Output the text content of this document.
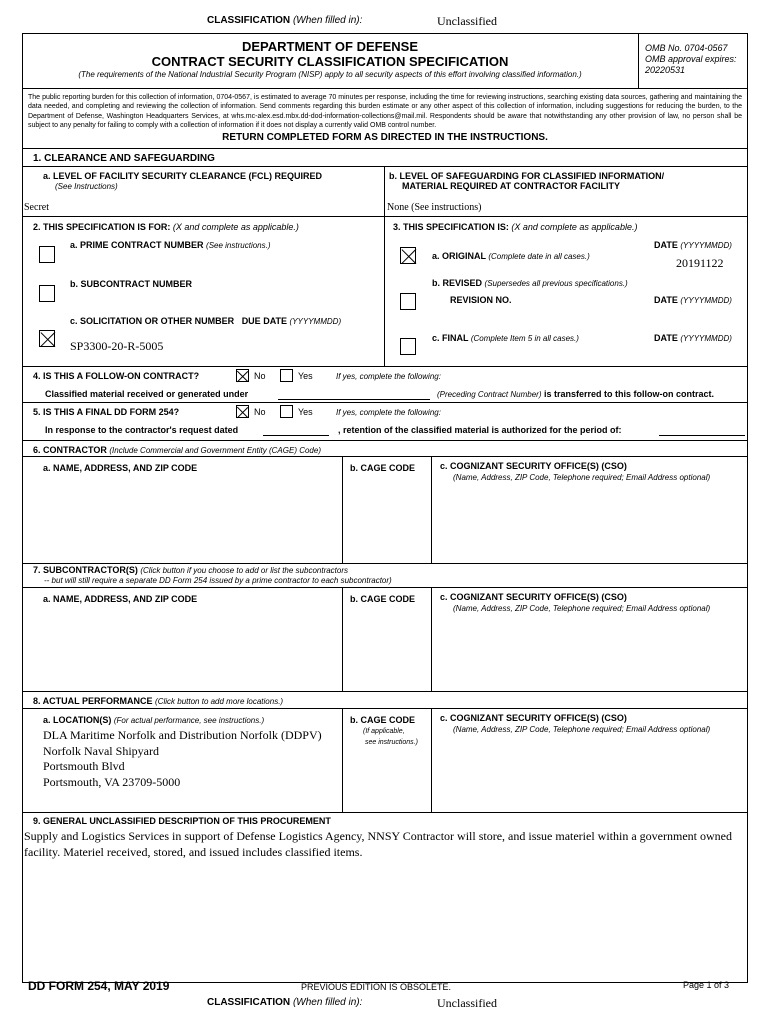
CLASSIFICATION (When filled in):	Unclassified
DEPARTMENT OF DEFENSE
CONTRACT SECURITY CLASSIFICATION SPECIFICATION
(The requirements of the National Industrial Security Program (NISP) apply to all security aspects of this effort involving classified information.)
OMB No. 0704-0567
OMB approval expires:
20220531
The public reporting burden for this collection of information, 0704-0567, is estimated to average 70 minutes per response, including the time for reviewing instructions, searching existing data sources, gathering and maintaining the data needed, and completing and reviewing the collection of information. Send comments regarding this burden estimate or any other aspect of this collection of information, including suggestions for reducing the burden, to the Department of Defense, Washington Headquarters Services, at whs.mc-alex.esd.mbx.dd-dod-information-collections@mail.mil. Respondents should be aware that notwithstanding any other provision of law, no person shall be subject to any penalty for failing to comply with a collection of information if it does not display a currently valid OMB control number.
RETURN COMPLETED FORM AS DIRECTED IN THE INSTRUCTIONS.
1. CLEARANCE AND SAFEGUARDING
a. LEVEL OF FACILITY SECURITY CLEARANCE (FCL) REQUIRED
(See Instructions)
Secret
b. LEVEL OF SAFEGUARDING FOR CLASSIFIED INFORMATION/
MATERIAL REQUIRED AT CONTRACTOR FACILITY
None (See instructions)
2. THIS SPECIFICATION IS FOR: (X and complete as applicable.)
a. PRIME CONTRACT NUMBER (See instructions.)
b. SUBCONTRACT NUMBER
c. SOLICITATION OR OTHER NUMBER DUE DATE (YYYYMMDD)
SP3300-20-R-5005
3. THIS SPECIFICATION IS: (X and complete as applicable.)
a. ORIGINAL (Complete date in all cases.)
DATE (YYYYMMDD)
20191122
b. REVISED (Supersedes all previous specifications.)
REVISION NO.	DATE (YYYYMMDD)
c. FINAL (Complete Item 5 in all cases.)	DATE (YYYYMMDD)
4. IS THIS A FOLLOW-ON CONTRACT?	No	Yes	If yes, complete the following:
Classified material received or generated under	(Preceding Contract Number) is transferred to this follow-on contract.
5. IS THIS A FINAL DD FORM 254?	No	Yes	If yes, complete the following:
In response to the contractor's request dated	, retention of the classified material is authorized for the period of:
6. CONTRACTOR (Include Commercial and Government Entity (CAGE) Code)
a. NAME, ADDRESS, AND ZIP CODE	b. CAGE CODE	c. COGNIZANT SECURITY OFFICE(S) (CSO)
(Name, Address, ZIP Code, Telephone required; Email Address optional)
7. SUBCONTRACTOR(S) (Click button if you choose to add or list the subcontractors
-- but will still require a separate DD Form 254 issued by a prime contractor to each subcontractor)
a. NAME, ADDRESS, AND ZIP CODE	b. CAGE CODE	c. COGNIZANT SECURITY OFFICE(S) (CSO)
(Name, Address, ZIP Code, Telephone required; Email Address optional)
8. ACTUAL PERFORMANCE (Click button to add more locations.)
a. LOCATION(S) (For actual performance, see instructions.)
DLA Maritime Norfolk and Distribution Norfolk (DDPV)
Norfolk Naval Shipyard
Portsmouth Blvd
Portsmouth, VA 23709-5000
b. CAGE CODE
(If applicable,
see instructions.)
c. COGNIZANT SECURITY OFFICE(S) (CSO)
(Name, Address, ZIP Code, Telephone required; Email Address optional)
9. GENERAL UNCLASSIFIED DESCRIPTION OF THIS PROCUREMENT
Supply and Logistics Services in support of Defense Logistics Agency, NNSY Contractor will store, and issue materiel within a government owned facility. Materiel received, stored, and issued includes classified items.
DD FORM 254, MAY 2019	PREVIOUS EDITION IS OBSOLETE.	Page 1 of 3
CLASSIFICATION (When filled in):	Unclassified
